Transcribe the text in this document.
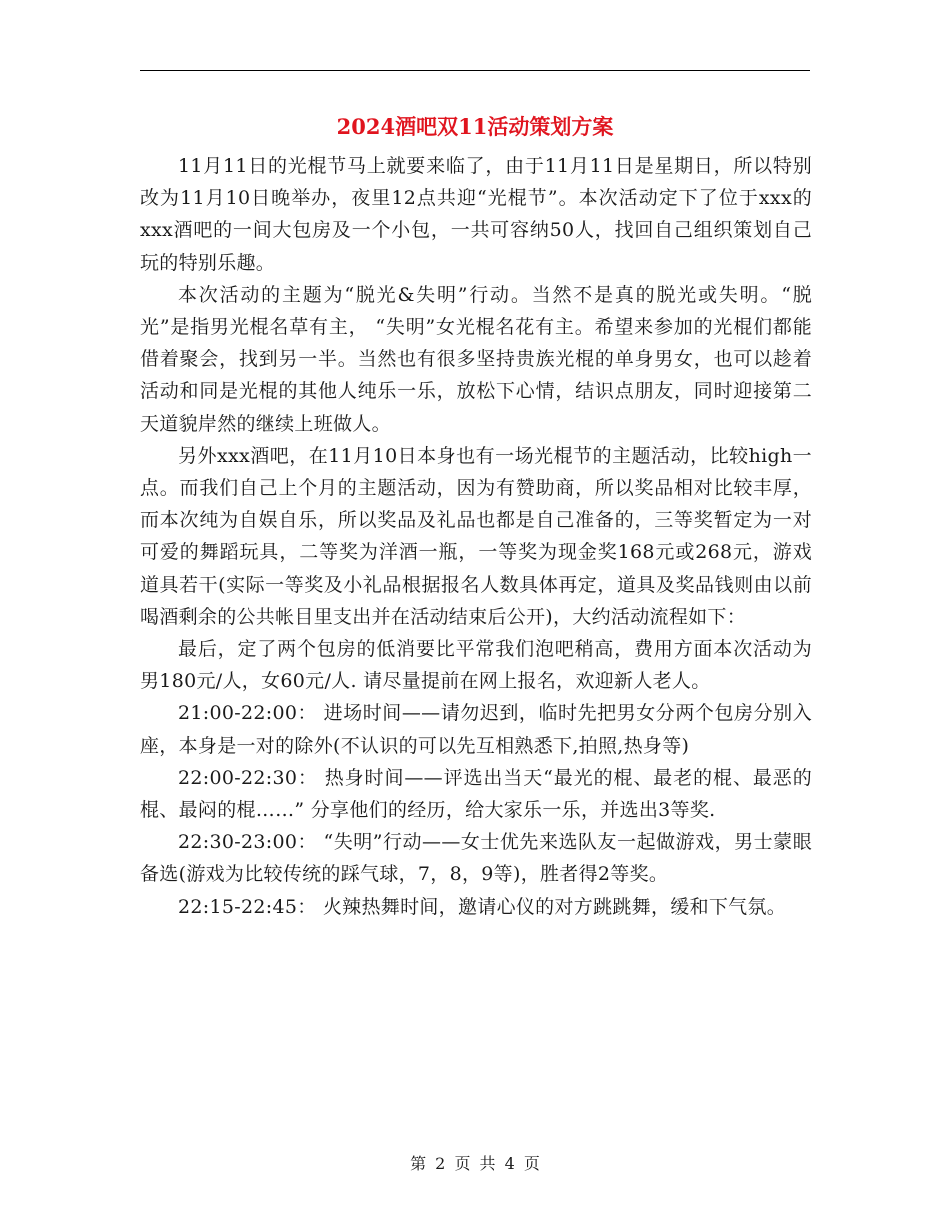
2024酒吧双11活动策划方案

11月11日的光棍节马上就要来临了，由于11月11日是星期日，所以特别改为11月10日晚举办，夜里12点共迎“光棍节”。本次活动定下了位于xxx的xxx酒吧的一间大包房及一个小包，一共可容纳50人，找回自己组织策划自己玩的特别乐趣。

本次活动的主题为“脱光&失明”行动。当然不是真的脱光或失明。“脱光”是指男光棍名草有主， “失明”女光棍名花有主。希望来参加的光棍们都能借着聚会，找到另一半。当然也有很多坚持贵族光棍的单身男女，也可以趁着活动和同是光棍的其他人纯乐一乐，放松下心情，结识点朋友，同时迎接第二天道貌岸然的继续上班做人。

另外xxx酒吧，在11月10日本身也有一场光棍节的主题活动，比较high一点。而我们自己上个月的主题活动，因为有赞助商，所以奖品相对比较丰厚，而本次纯为自娱自乐，所以奖品及礼品也都是自己准备的，三等奖暂定为一对可爱的舞蹈玩具，二等奖为洋酒一瓶，一等奖为现金奖168元或268元，游戏道具若干(实际一等奖及小礼品根据报名人数具体再定，道具及奖品钱则由以前喝酒剩余的公共帐目里支出并在活动结束后公开)，大约活动流程如下：

最后，定了两个包房的低消要比平常我们泡吧稍高，费用方面本次活动为男180元/人，女60元/人. 请尽量提前在网上报名，欢迎新人老人。

21:00-22:00： 进场时间——请勿迟到，临时先把男女分两个包房分别入座，本身是一对的除外(不认识的可以先互相熟悉下,拍照,热身等)

22:00-22:30： 热身时间——评选出当天“最光的棍、最老的棍、最恶的棍、最闷的棍……” 分享他们的经历，给大家乐一乐，并选出3等奖.

22:30-23:00： “失明”行动——女士优先来选队友一起做游戏，男士蒙眼备选(游戏为比较传统的踩气球，7，8，9等)，胜者得2等奖。

22:15-22:45： 火辣热舞时间，邀请心仪的对方跳跳舞，缓和下气氛。

第 2 页 共 4 页
